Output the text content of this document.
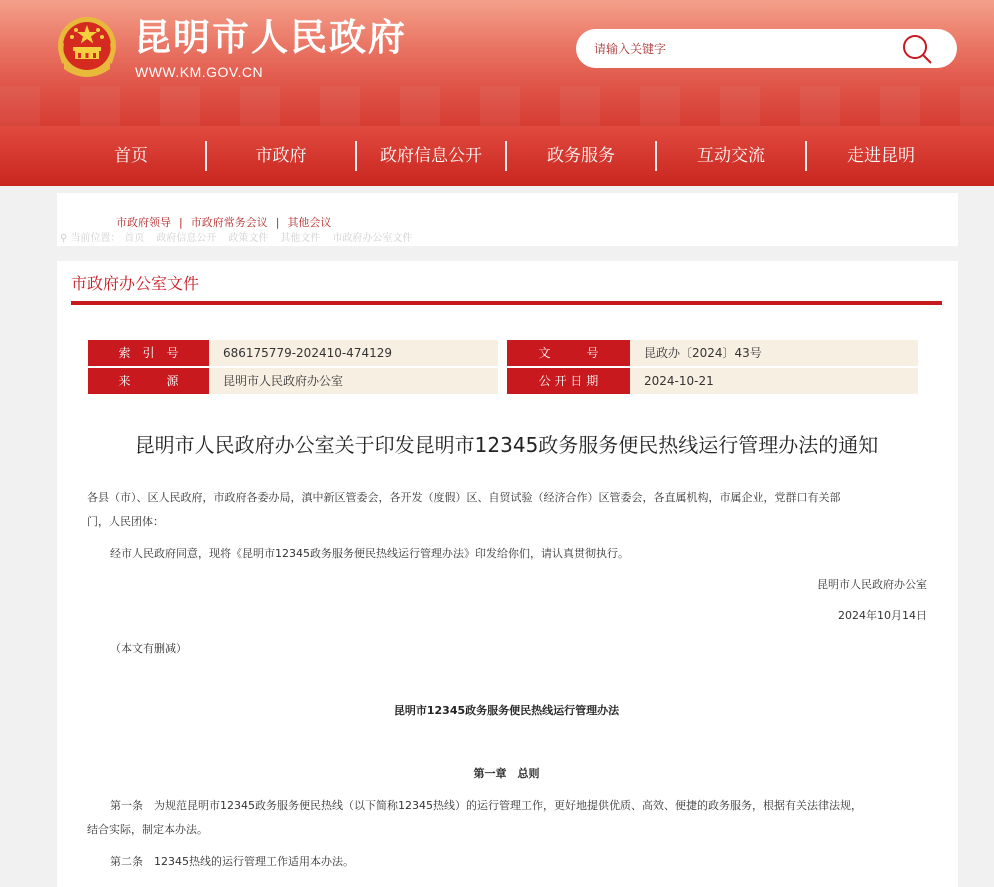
昆明市人民政府
WWW.KM.GOV.CN
请输入关键字
首页	市政府	政府信息公开	政务服务	互动交流	走进昆明
市政府领导 | 市政府常务会议 | 其他会议
⚲ 当前位置： 首页 政府信息公开 政策文件 其他文件 市政府办公室文件
市政府办公室文件
索　引　号	686175779-202410-474129	文　　　号	昆政办〔2024〕43号
来　　　源	昆明市人民政府办公室	公 开 日 期	2024-10-21
昆明市人民政府办公室关于印发昆明市12345政务服务便民热线运行管理办法的通知
各县（市）、区人民政府，市政府各委办局，滇中新区管委会，各开发（度假）区、自贸试验（经济合作）区管委会，各直属机构，市属企业，党群口有关部
门，人民团体：
经市人民政府同意，现将《昆明市12345政务服务便民热线运行管理办法》印发给你们，请认真贯彻执行。
昆明市人民政府办公室
2024年10月14日
（本文有删减）
昆明市12345政务服务便民热线运行管理办法
第一章　总则
第一条　为规范昆明市12345政务服务便民热线（以下简称12345热线）的运行管理工作，更好地提供优质、高效、便捷的政务服务，根据有关法律法规，
结合实际，制定本办法。
第二条　12345热线的运行管理工作适用本办法。
